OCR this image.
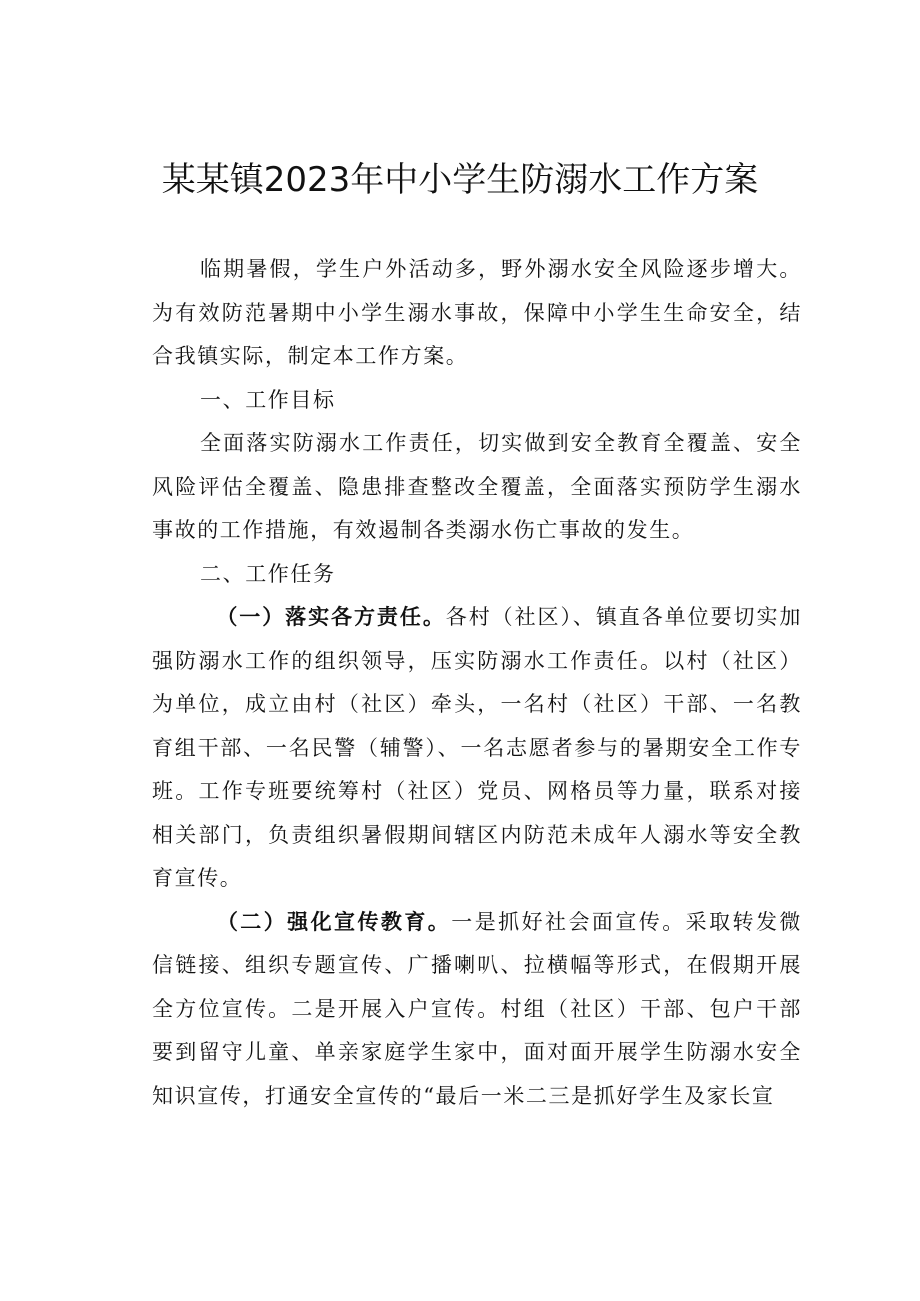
某某镇2023年中小学生防溺水工作方案

临期暑假，学生户外活动多，野外溺水安全风险逐步增大。为有效防范暑期中小学生溺水事故，保障中小学生生命安全，结合我镇实际，制定本工作方案。

一、工作目标

全面落实防溺水工作责任，切实做到安全教育全覆盖、安全风险评估全覆盖、隐患排查整改全覆盖，全面落实预防学生溺水事故的工作措施，有效遏制各类溺水伤亡事故的发生。

二、工作任务

（一）落实各方责任。各村（社区）、镇直各单位要切实加强防溺水工作的组织领导，压实防溺水工作责任。以村（社区）为单位，成立由村（社区）牵头，一名村（社区）干部、一名教育组干部、一名民警（辅警）、一名志愿者参与的暑期安全工作专班。工作专班要统筹村（社区）党员、网格员等力量，联系对接相关部门，负责组织暑假期间辖区内防范未成年人溺水等安全教育宣传。

（二）强化宣传教育。一是抓好社会面宣传。采取转发微信链接、组织专题宣传、广播喇叭、拉横幅等形式，在假期开展全方位宣传。二是开展入户宣传。村组（社区）干部、包户干部要到留守儿童、单亲家庭学生家中，面对面开展学生防溺水安全知识宣传，打通安全宣传的“最后一米二三是抓好学生及家长宣
